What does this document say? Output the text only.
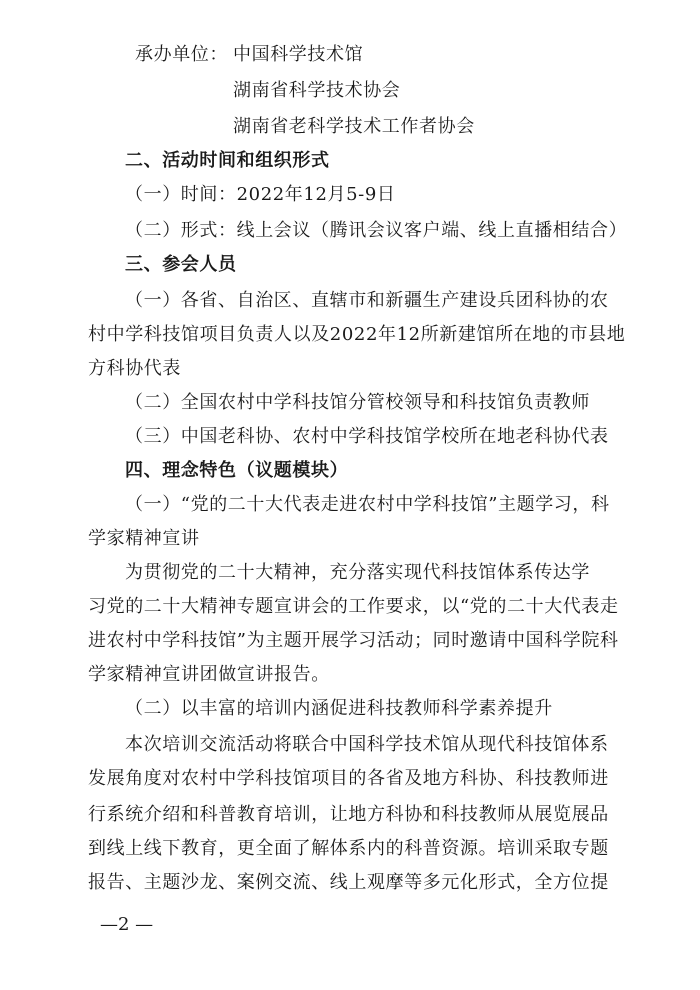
承办单位： 中国科学技术馆
湖南省科学技术协会
湖南省老科学技术工作者协会
二、活动时间和组织形式
（一）时间：2022年12月5-9日
（二）形式：线上会议（腾讯会议客户端、线上直播相结合）
三、参会人员
（一）各省、自治区、直辖市和新疆生产建设兵团科协的农
村中学科技馆项目负责人以及2022年12所新建馆所在地的市县地
方科协代表
（二）全国农村中学科技馆分管校领导和科技馆负责教师
（三）中国老科协、农村中学科技馆学校所在地老科协代表
四、理念特色（议题模块）
（一）“党的二十大代表走进农村中学科技馆”主题学习，科
学家精神宣讲
为贯彻党的二十大精神，充分落实现代科技馆体系传达学
习党的二十大精神专题宣讲会的工作要求，以“党的二十大代表走
进农村中学科技馆”为主题开展学习活动；同时邀请中国科学院科
学家精神宣讲团做宣讲报告。
（二）以丰富的培训内涵促进科技教师科学素养提升
本次培训交流活动将联合中国科学技术馆从现代科技馆体系
发展角度对农村中学科技馆项目的各省及地方科协、科技教师进
行系统介绍和科普教育培训，让地方科协和科技教师从展览展品
到线上线下教育，更全面了解体系内的科普资源。培训采取专题
报告、主题沙龙、案例交流、线上观摩等多元化形式，全方位提
—2 —
